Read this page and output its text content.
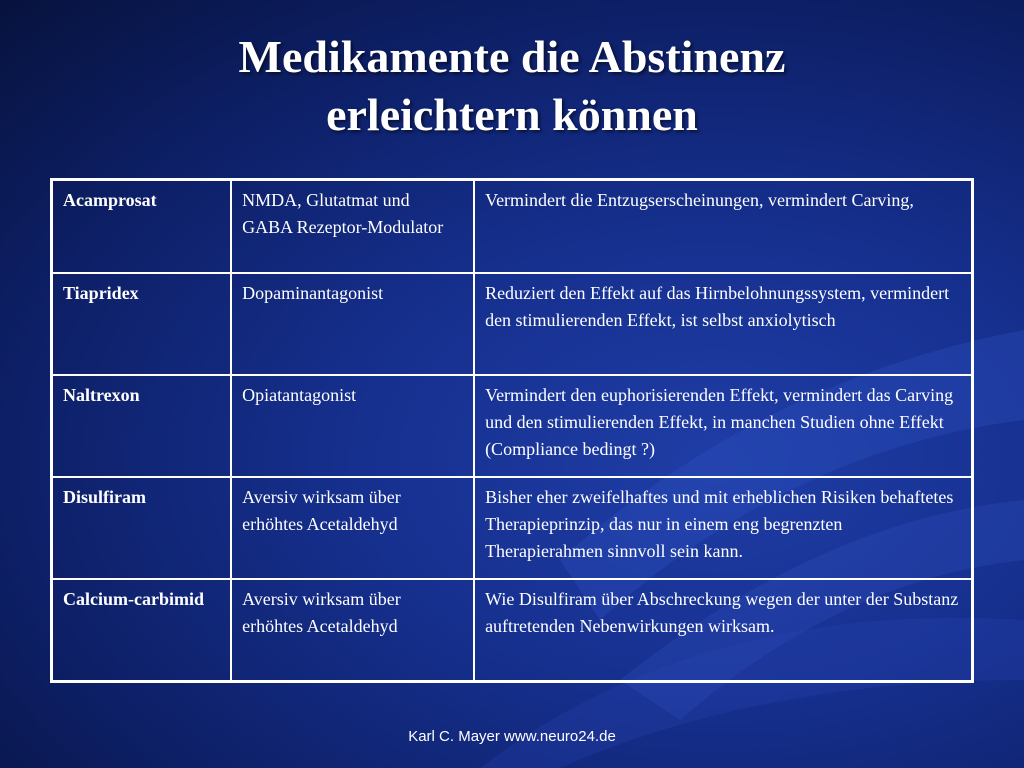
Medikamente die Abstinenz
erleichtern können
Acamprosat	NMDA, Glutatmat und GABA Rezeptor-Modulator	Vermindert die Entzugserscheinungen, vermindert Carving,
Tiapridex	Dopaminantagonist	Reduziert den Effekt auf das Hirnbelohnungssystem, vermindert den stimulierenden Effekt, ist selbst anxiolytisch
Naltrexon	Opiatantagonist	Vermindert den euphorisierenden Effekt, vermindert das Carving und den stimulierenden Effekt, in manchen Studien ohne Effekt (Compliance bedingt ?)
Disulfiram	Aversiv wirksam über erhöhtes Acetaldehyd	Bisher eher zweifelhaftes und mit erheblichen Risiken behaftetes Therapieprinzip, das nur in einem eng begrenzten Therapierahmen sinnvoll sein kann.
Calcium-carbimid	Aversiv wirksam über erhöhtes Acetaldehyd	Wie Disulfiram über Abschreckung wegen der unter der Substanz auftretenden Nebenwirkungen wirksam.
Karl C. Mayer www.neuro24.de
